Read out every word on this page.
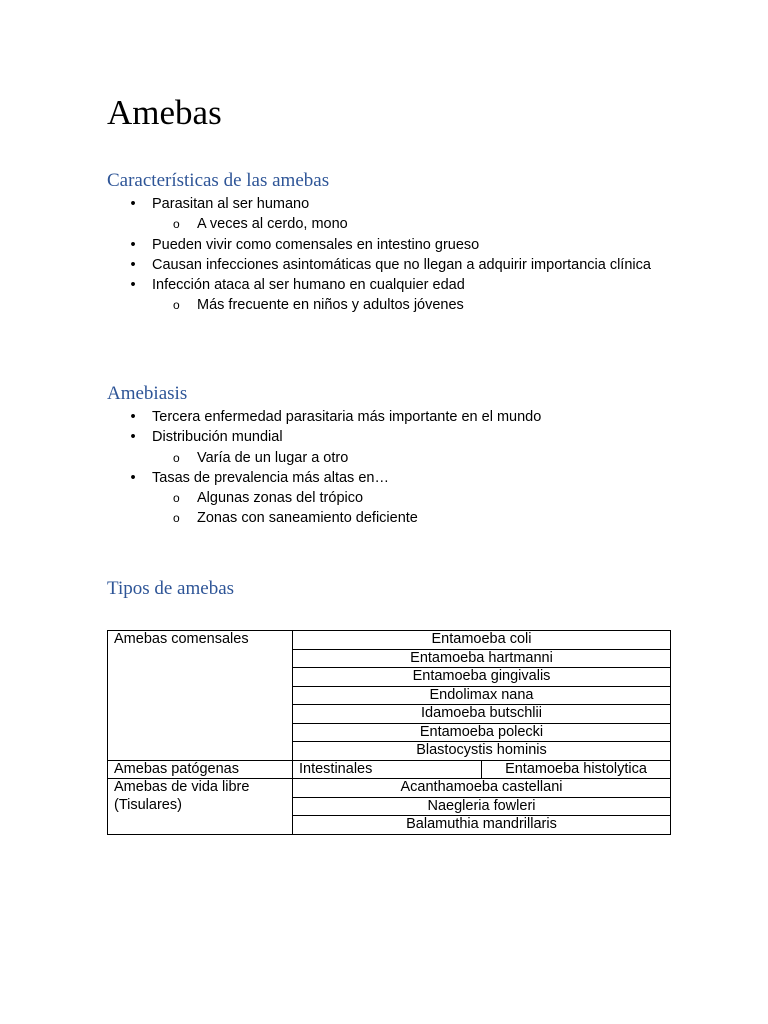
Amebas
Características de las amebas
• Parasitan al ser humano
o A veces al cerdo, mono
• Pueden vivir como comensales en intestino grueso
• Causan infecciones asintomáticas que no llegan a adquirir importancia clínica
• Infección ataca al ser humano en cualquier edad
o Más frecuente en niños y adultos jóvenes
Amebiasis
• Tercera enfermedad parasitaria más importante en el mundo
• Distribución mundial
o Varía de un lugar a otro
• Tasas de prevalencia más altas en…
o Algunas zonas del trópico
o Zonas con saneamiento deficiente
Tipos de amebas
Amebas comensales	Entamoeba coli	
	Entamoeba hartmanni	
	Entamoeba gingivalis	
	Endolimax nana	
	Idamoeba butschlii	
	Entamoeba polecki	
	Blastocystis hominis	
Amebas patógenas	Intestinales	Entamoeba histolytica
Amebas de vida libre (Tisulares)	Acanthamoeba castellani	
	Naegleria fowleri	
	Balamuthia mandrillaris	
